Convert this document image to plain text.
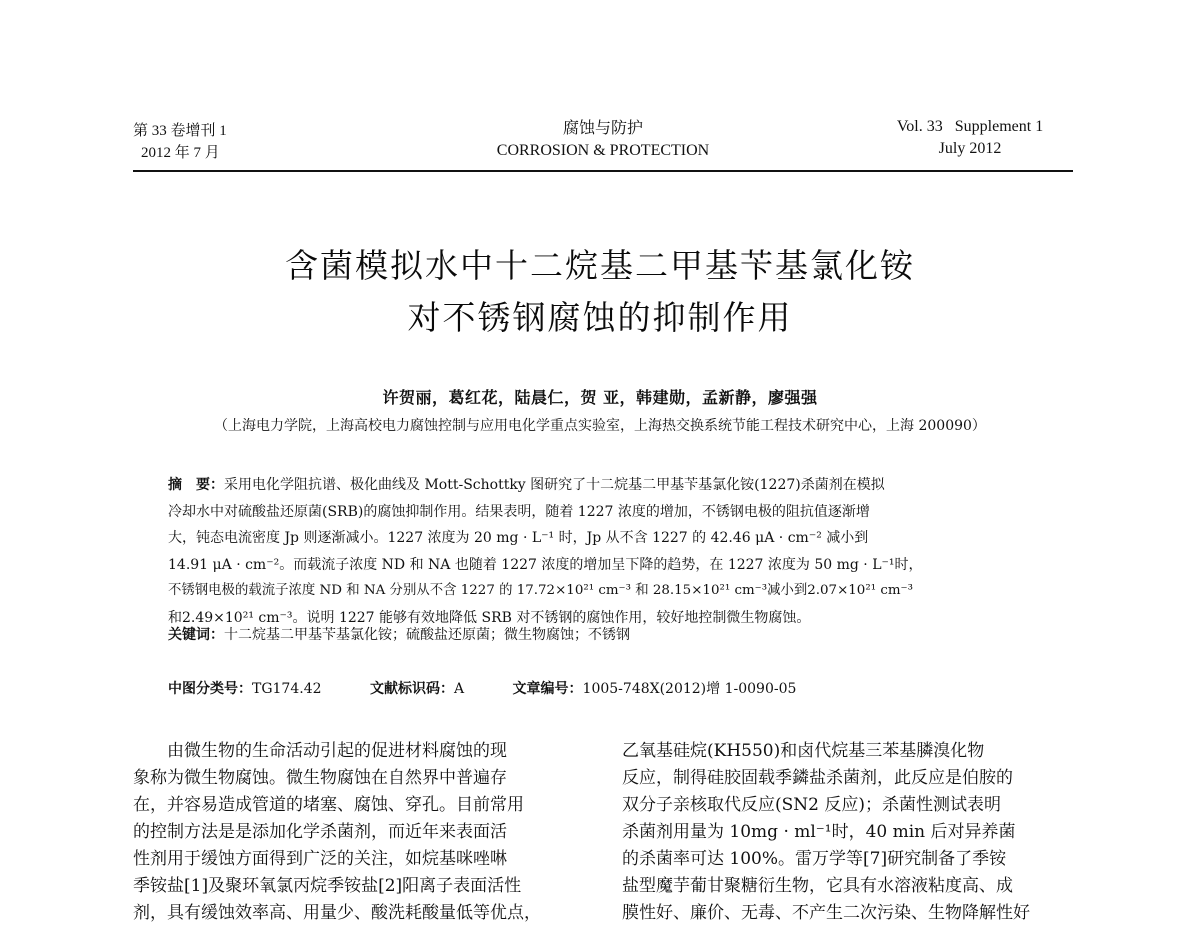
第 33 卷增刊 1
2012 年 7 月
腐蚀与防护
CORROSION & PROTECTION
Vol. 33   Supplement 1
July 2012
含菌模拟水中十二烷基二甲基苄基氯化铵
对不锈钢腐蚀的抑制作用
许贺丽，葛红花，陆晨仁，贺 亚，韩建勋，孟新静，廖强强
（上海电力学院，上海高校电力腐蚀控制与应用电化学重点实验室，上海热交换系统节能工程技术研究中心，上海 200090）
摘　要：采用电化学阻抗谱、极化曲线及 Mott-Schottky 图研究了十二烷基二甲基苄基氯化铵(1227)杀菌剂在模拟
冷却水中对硫酸盐还原菌(SRB)的腐蚀抑制作用。结果表明，随着 1227 浓度的增加，不锈钢电极的阻抗值逐渐增
大，钝态电流密度 Jp 则逐渐减小。1227 浓度为 20 mg · L⁻¹ 时，Jp 从不含 1227 的 42.46 μA · cm⁻² 减小到
14.91 μA · cm⁻²。而载流子浓度 ND 和 NA 也随着 1227 浓度的增加呈下降的趋势，在 1227 浓度为 50 mg · L⁻¹时，
不锈钢电极的载流子浓度 ND 和 NA 分别从不含 1227 的 17.72×10²¹ cm⁻³ 和 28.15×10²¹ cm⁻³减小到2.07×10²¹ cm⁻³
和2.49×10²¹ cm⁻³。说明 1227 能够有效地降低 SRB 对不锈钢的腐蚀作用，较好地控制微生物腐蚀。
关键词：十二烷基二甲基苄基氯化铵；硫酸盐还原菌；微生物腐蚀；不锈钢
中图分类号：TG174.42	文献标识码：A	文章编号：1005-748X(2012)增 1-0090-05
由微生物的生命活动引起的促进材料腐蚀的现
象称为微生物腐蚀。微生物腐蚀在自然界中普遍存
在，并容易造成管道的堵塞、腐蚀、穿孔。目前常用
的控制方法是是添加化学杀菌剂，而近年来表面活
性剂用于缓蚀方面得到广泛的关注，如烷基咪唑啉
季铵盐[1]及聚环氧氯丙烷季铵盐[2]阳离子表面活性
剂，具有缓蚀效率高、用量少、酸洗耗酸量低等优点，
乙氧基硅烷(KH550)和卤代烷基三苯基膦溴化物
反应，制得硅胶固载季鏻盐杀菌剂，此反应是伯胺的
双分子亲核取代反应(SN2 反应)；杀菌性测试表明
杀菌剂用量为 10mg · ml⁻¹时，40 min 后对异养菌
的杀菌率可达 100%。雷万学等[7]研究制备了季铵
盐型魔芋葡甘聚糖衍生物，它具有水溶液粘度高、成
膜性好、廉价、无毒、不产生二次污染、生物降解性好
